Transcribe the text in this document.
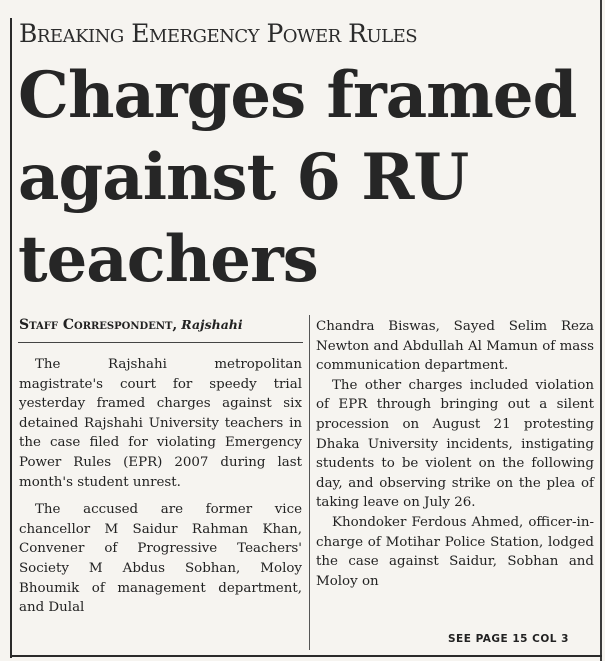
Breaking Emergency Power Rules
Charges framed against 6 RU teachers
Staff Correspondent, Rajshahi

The Rajshahi metropolitan magistrate's court for speedy trial yesterday framed charges against six detained Rajshahi University teachers in the case filed for violating Emergency Power Rules (EPR) 2007 during last month's student unrest.

The accused are former vice chancellor M Saidur Rahman Khan, Convener of Progressive Teachers' Society M Abdus Sobhan, Moloy Bhoumik of management department, and Dulal

Chandra Biswas, Sayed Selim Reza Newton and Abdullah Al Mamun of mass communication department.

The other charges included violation of EPR through bringing out a silent procession on August 21 protesting Dhaka University incidents, instigating students to be violent on the following day, and observing strike on the plea of taking leave on July 26.

Khondoker Ferdous Ahmed, officer-in-charge of Motihar Police Station, lodged the case against Saidur, Sobhan and Moloy on

SEE PAGE 15 COL 3
